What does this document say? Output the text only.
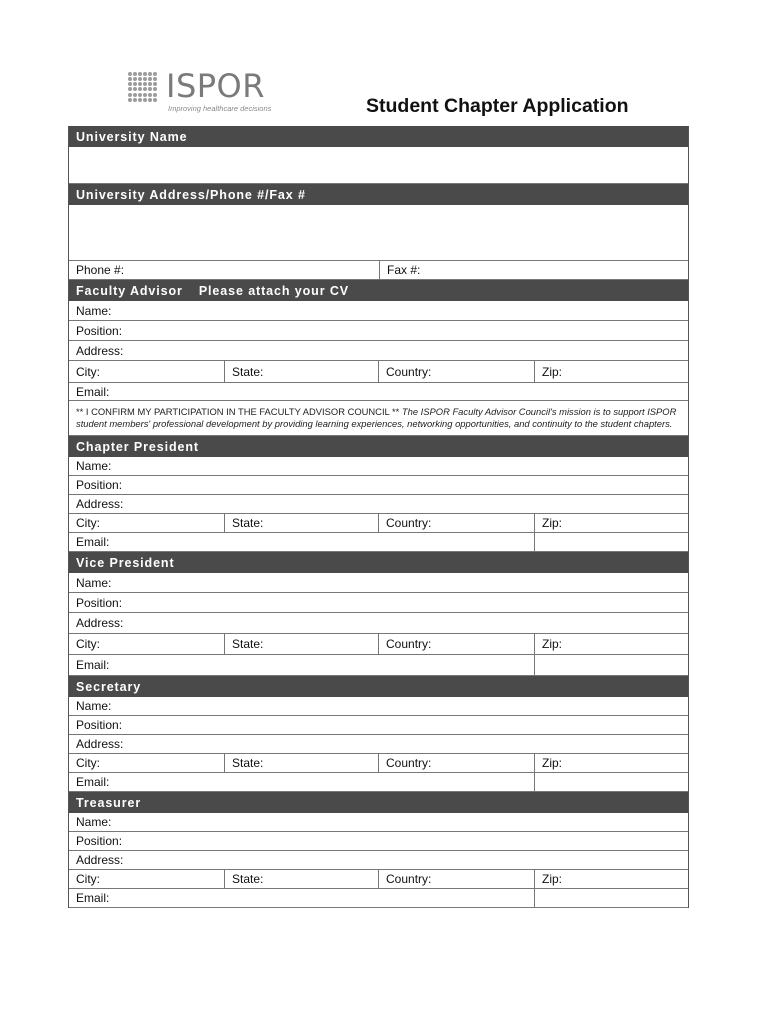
ISPOR
Improving healthcare decisions	Student Chapter Application
University Name
University Address/Phone #/Fax #
Phone #:	Fax #:
Faculty Advisor Please attach your CV
Name:
Position:
Address:
City:	State:	Country:	Zip:
Email:
** I CONFIRM MY PARTICIPATION IN THE FACULTY ADVISOR COUNCIL ** The ISPOR Faculty Advisor Council's mission is to support ISPOR student members' professional development by providing learning experiences, networking opportunities, and continuity to the student chapters.
Chapter President
Name:
Position:
Address:
City:	State:	Country:	Zip:
Email:
Vice President
Name:
Position:
Address:
City:	State:	Country:	Zip:
Email:
Secretary
Name:
Position:
Address:
City:	State:	Country:	Zip:
Email:
Treasurer
Name:
Position:
Address:
City:	State:	Country:	Zip:
Email:
